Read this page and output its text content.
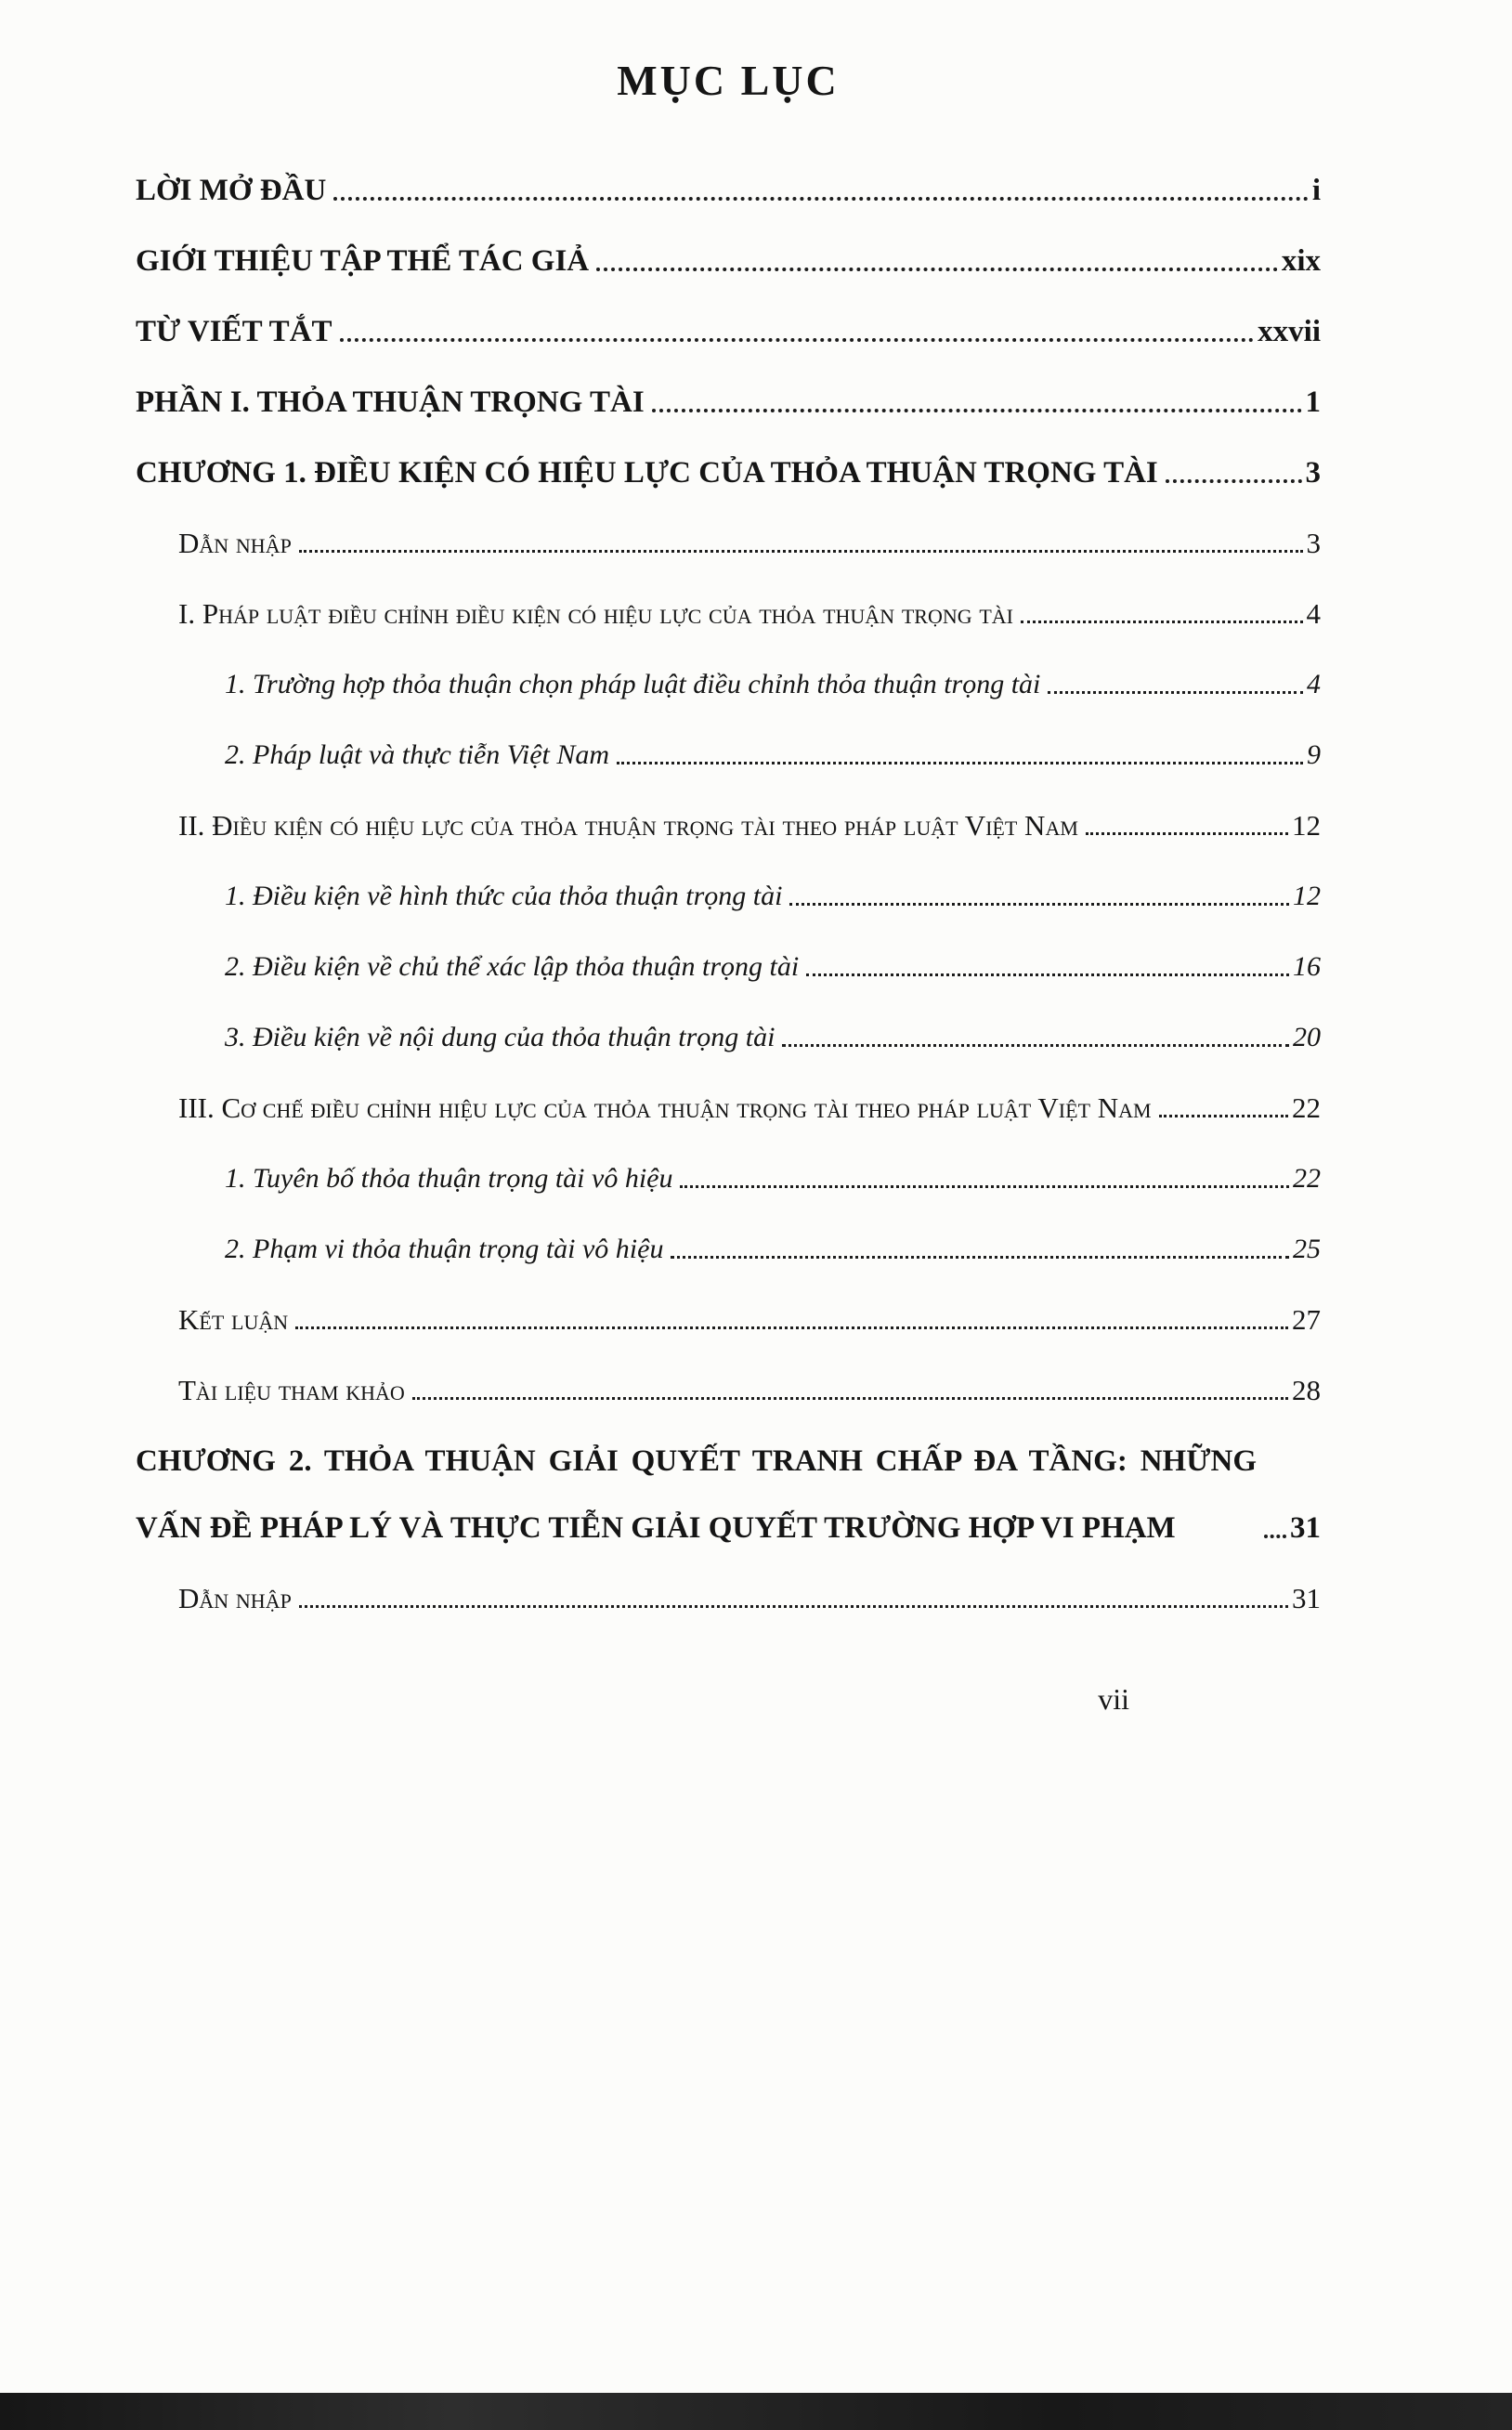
MỤC LỤC
LỜI MỞ ĐẦU	i
GIỚI THIỆU TẬP THỂ TÁC GIẢ	xix
TỪ VIẾT TẮT	xxvii
PHẦN I. THỎA THUẬN TRỌNG TÀI	1
CHƯƠNG 1. ĐIỀU KIỆN CÓ HIỆU LỰC CỦA THỎA THUẬN TRỌNG TÀI	3
Dẫn nhập	3
I. Pháp luật điều chỉnh điều kiện có hiệu lực của thỏa thuận trọng tài	4
1. Trường hợp thỏa thuận chọn pháp luật điều chỉnh thỏa thuận trọng tài	4
2. Pháp luật và thực tiễn Việt Nam	9
II. Điều kiện có hiệu lực của thỏa thuận trọng tài theo pháp luật Việt Nam	12
1. Điều kiện về hình thức của thỏa thuận trọng tài	12
2. Điều kiện về chủ thể xác lập thỏa thuận trọng tài	16
3. Điều kiện về nội dung của thỏa thuận trọng tài	20
III. Cơ chế điều chỉnh hiệu lực của thỏa thuận trọng tài theo pháp luật Việt Nam	22
1. Tuyên bố thỏa thuận trọng tài vô hiệu	22
2. Phạm vi thỏa thuận trọng tài vô hiệu	25
Kết luận	27
Tài liệu tham khảo	28
CHƯƠNG 2. THỎA THUẬN GIẢI QUYẾT TRANH CHẤP ĐA TẦNG: NHỮNG VẤN ĐỀ PHÁP LÝ VÀ THỰC TIỄN GIẢI QUYẾT TRƯỜNG HỢP VI PHẠM	31
Dẫn nhập	31
vii
